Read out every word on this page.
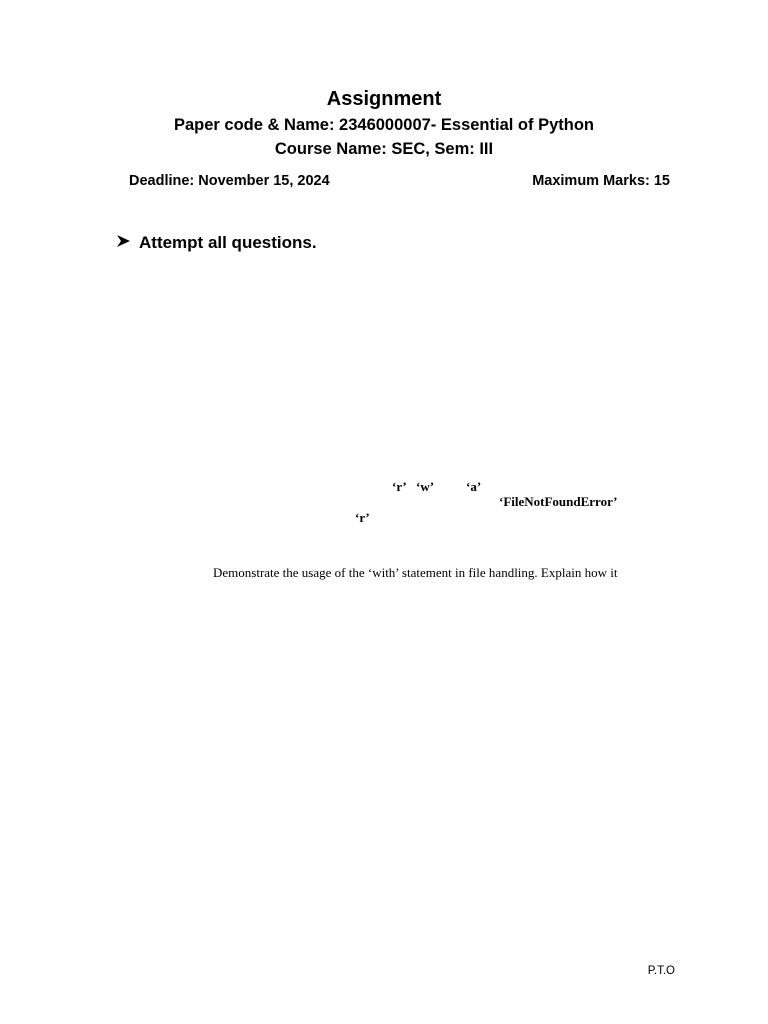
Assignment
Paper code & Name: 2346000007- Essential of Python
Course Name: SEC, Sem: III
Deadline: November 15, 2024	Maximum Marks: 15
Attempt all questions.
‘r’ ‘w’ ‘a’
‘FileNotFoundError’
‘r’
Demonstrate the usage of the ‘with’ statement in file handling. Explain how it
P.T.O
